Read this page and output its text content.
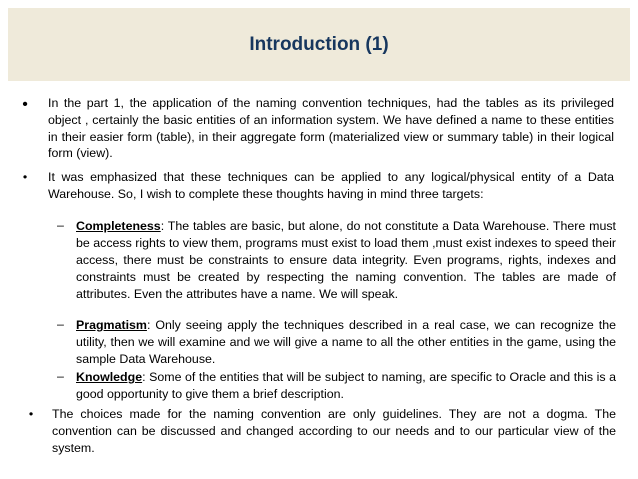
Introduction (1)
• In the part 1, the application of the naming convention techniques, had the tables as its privileged object , certainly the basic entities of an information system. We have defined a name to these entities in their easier form (table), in their aggregate form (materialized view or summary table) in their logical form (view).
• It was emphasized that these techniques can be applied to any logical/physical entity of a Data Warehouse. So, I wish to complete these thoughts having in mind three targets:
– Completeness: The tables are basic, but alone, do not constitute a Data Warehouse. There must be access rights to view them, programs must exist to load them ,must exist indexes to speed their access, there must be constraints to ensure data integrity. Even programs, rights, indexes and constraints must be created by respecting the naming convention. The tables are made of attributes. Even the attributes have a name. We will speak.
– Pragmatism: Only seeing apply the techniques described in a real case, we can recognize the utility, then we will examine and we will give a name to all the other entities in the game, using the sample Data Warehouse.
– Knowledge: Some of the entities that will be subject to naming, are specific to Oracle and this is a good opportunity to give them a brief description.
• The choices made for the naming convention are only guidelines. They are not a dogma. The convention can be discussed and changed according to our needs and to our particular view of the system.
